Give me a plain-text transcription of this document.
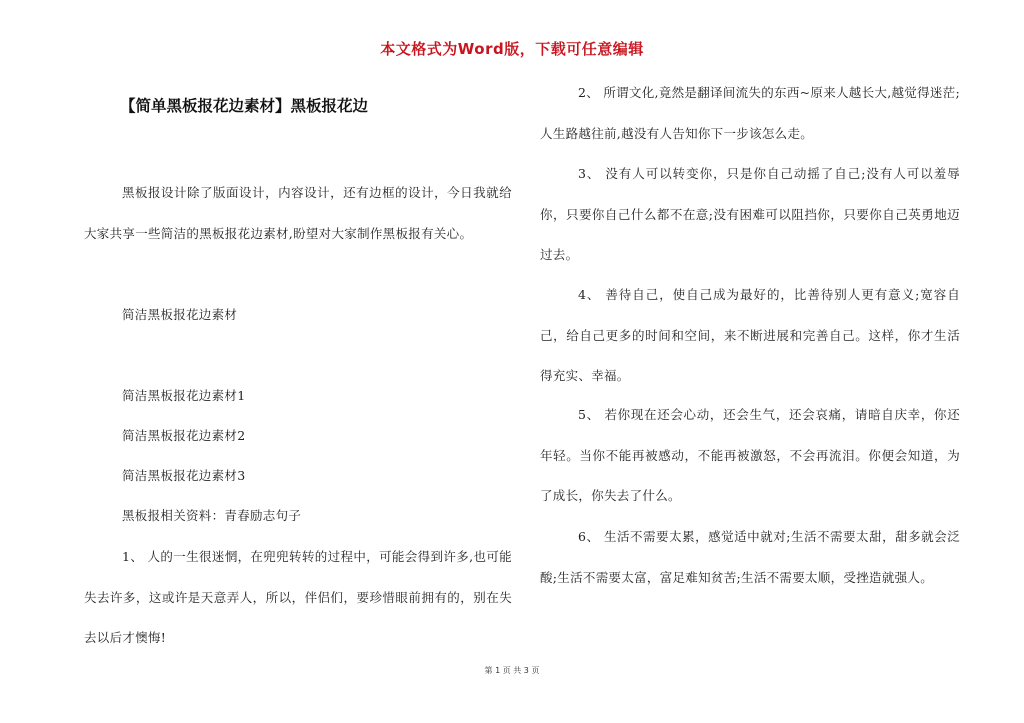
本文格式为Word版，下载可任意编辑
【简单黑板报花边素材】黑板报花边
黑板报设计除了版面设计，内容设计，还有边框的设计，今日我就给大家共享一些简洁的黑板报花边素材,盼望对大家制作黑板报有关心。
简洁黑板报花边素材
简洁黑板报花边素材1
简洁黑板报花边素材2
简洁黑板报花边素材3
黑板报相关资料：青春励志句子
1、 人的一生很迷惘，在兜兜转转的过程中，可能会得到许多,也可能失去许多，这或许是天意弄人，所以，伴侣们，要珍惜眼前拥有的，别在失去以后才懊悔!
2、 所谓文化,竟然是翻译间流失的东西~原来人越长大,越觉得迷茫;人生路越往前,越没有人告知你下一步该怎么走。
3、 没有人可以转变你，只是你自己动摇了自己;没有人可以羞辱你，只要你自己什么都不在意;没有困难可以阻挡你，只要你自己英勇地迈过去。
4、 善待自己，使自己成为最好的，比善待别人更有意义;宽容自己，给自己更多的时间和空间，来不断进展和完善自己。这样，你才生活得充实、幸福。
5、 若你现在还会心动，还会生气，还会哀痛，请暗自庆幸，你还年轻。当你不能再被感动，不能再被激怒，不会再流泪。你便会知道，为了成长，你失去了什么。
6、 生活不需要太累，感觉适中就对;生活不需要太甜，甜多就会泛酸;生活不需要太富，富足难知贫苦;生活不需要太顺，受挫造就强人。
第 1 页 共 3 页
